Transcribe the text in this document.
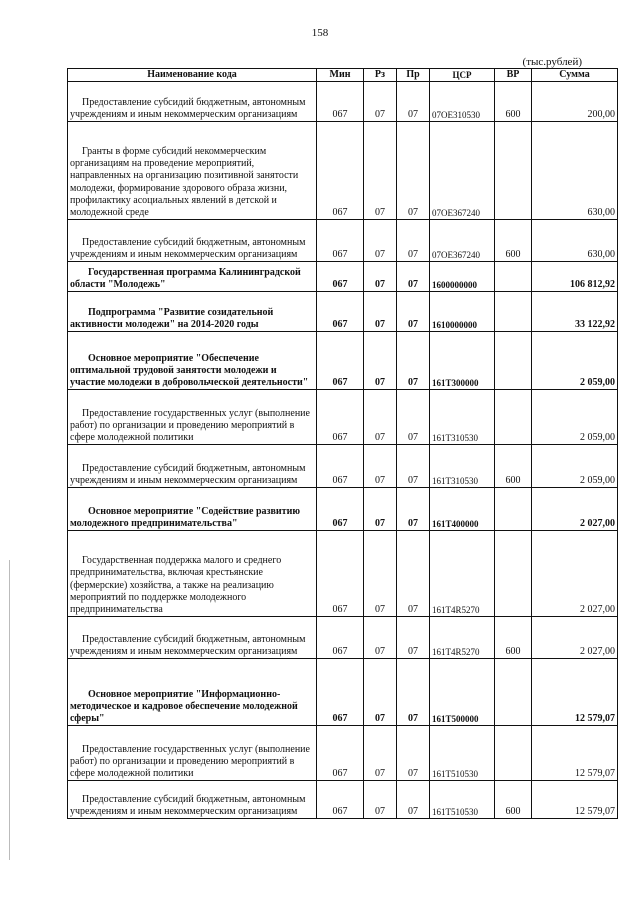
158
(тыс.рублей)
Наименование кода	Мин	Рз	Пр	ЦСР	ВР	Сумма
Предоставление субсидий бюджетным, автономным учреждениям и иным некоммерческим организациям	067	07	07	07ОЕ310530	600	200,00
Гранты в форме субсидий некоммерческим организациям на проведение мероприятий, направленных на организацию позитивной занятости молодежи, формирование здорового образа жизни, профилактику асоциальных явлений в детской и молодежной среде	067	07	07	07ОЕ367240		630,00
Предоставление субсидий бюджетным, автономным учреждениям и иным некоммерческим организациям	067	07	07	07ОЕ367240	600	630,00
Государственная программа Калининградской области "Молодежь"	067	07	07	1600000000		106 812,92
Подпрограмма "Развитие созидательной активности молодежи" на 2014-2020 годы	067	07	07	1610000000		33 122,92
Основное мероприятие "Обеспечение оптимальной трудовой занятости молодежи и участие молодежи в добровольческой деятельности"	067	07	07	161Т300000		2 059,00
Предоставление государственных услуг (выполнение работ) по организации и проведению мероприятий в сфере молодежной политики	067	07	07	161Т310530		2 059,00
Предоставление субсидий бюджетным, автономным учреждениям и иным некоммерческим организациям	067	07	07	161Т310530	600	2 059,00
Основное мероприятие "Содействие развитию молодежного предпринимательства"	067	07	07	161Т400000		2 027,00
Государственная поддержка малого и среднего предпринимательства, включая крестьянские (фермерские) хозяйства, а также на реализацию мероприятий по поддержке молодежного предпринимательства	067	07	07	161Т4R5270		2 027,00
Предоставление субсидий бюджетным, автономным учреждениям и иным некоммерческим организациям	067	07	07	161Т4R5270	600	2 027,00
Основное мероприятие "Информационно-методическое и кадровое обеспечение молодежной сферы"	067	07	07	161Т500000		12 579,07
Предоставление государственных услуг (выполнение работ) по организации и проведению мероприятий в сфере молодежной политики	067	07	07	161Т510530		12 579,07
Предоставление субсидий бюджетным, автономным учреждениям и иным некоммерческим организациям	067	07	07	161Т510530	600	12 579,07
